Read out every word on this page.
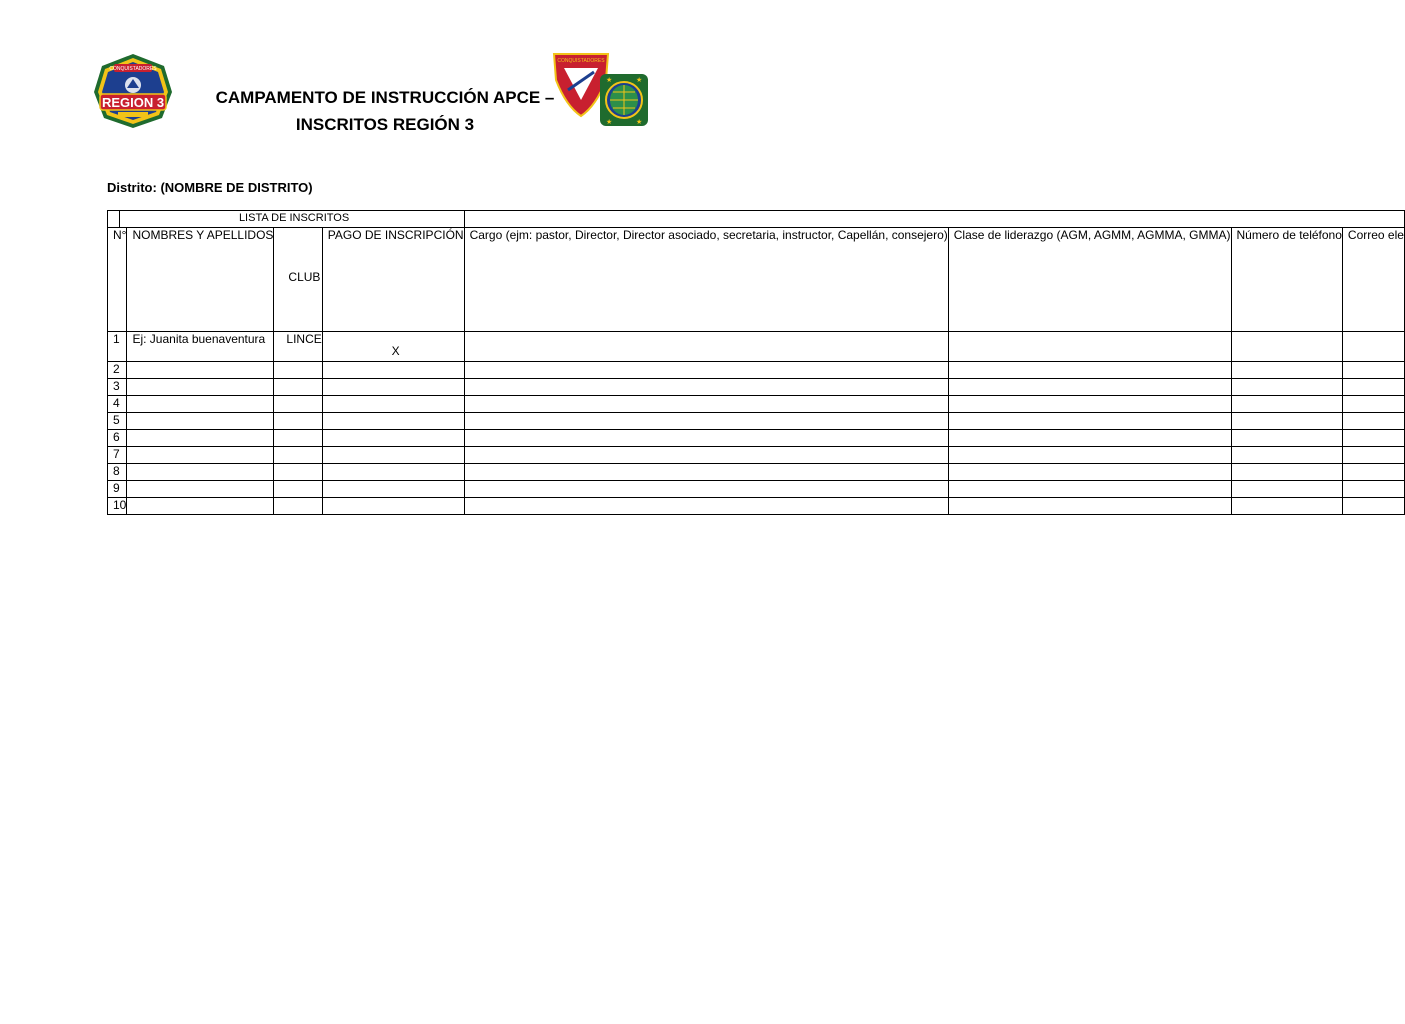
CONQUISTADORES
REGION 3	CAMPAMENTO DE INSTRUCCIÓN APCE –
INSCRITOS REGIÓN 3
CONQUISTADORES
★	★
★	★
Distrito: (NOMBRE DE DISTRITO)
	LISTA DE INSCRITOS							
N°		NOMBRES Y APELLIDOS	CLUB	PAGO DE INSCRIPCIÓN	Cargo (ejm: pastor, Director, Director asociado, secretaria, instructor, Capellán, consejero)	Clase de liderazgo (AGM, AGMM, AGMMA, GMMA)	Número de teléfono	Correo ele
1		Ej: Juanita buenaventura	LINCE	X				

2								
3								
4								
5								
6								
7								
8								
9								
10								
